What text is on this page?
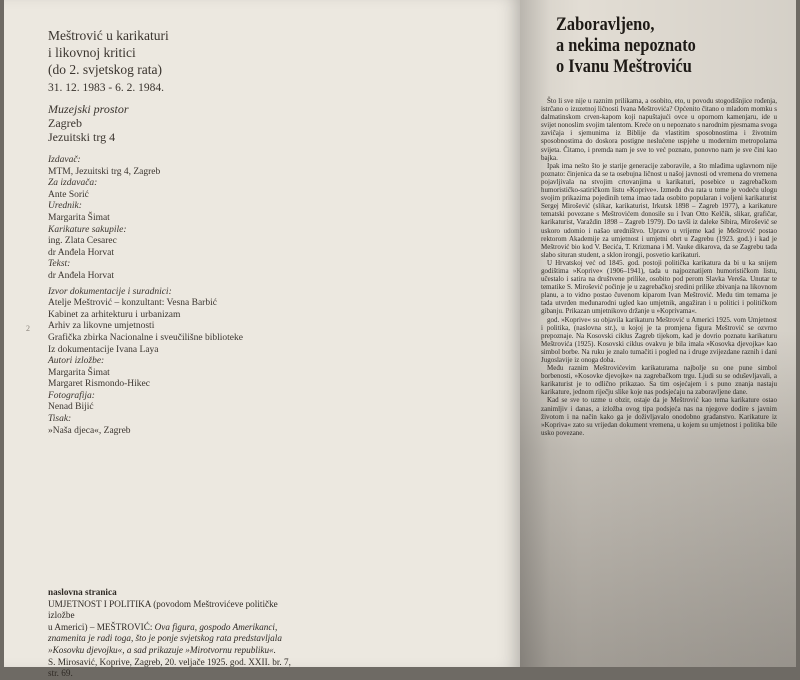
Meštrović u karikaturi
i likovnoj kritici
(do 2. svjetskog rata)
31. 12. 1983 - 6. 2. 1984.
Muzejski prostor
Zagreb
Jezuitski trg 4
Izdavač:
MTM, Jezuitski trg 4, Zagreb
Za izdavača:
Ante Sorić
Urednik:
Margarita Šimat
Karikature sakupile:
ing. Zlata Cesarec
dr Anđela Horvat
Tekst:
dr Anđela Horvat
Izvor dokumentacije i suradnici:
Atelje Meštrović – konzultant: Vesna Barbić
Kabinet za arhitekturu i urbanizam
Arhiv za likovne umjetnosti
Grafička zbirka Nacionalne i sveučilišne biblioteke
Iz dokumentacije Ivana Laya
Autori izložbe:
Margarita Šimat
Margaret Rismondo-Hikec
Fotografija:
Nenad Bijić
Tisak:
»Naša djeca«, Zagreb
2
naslovna stranica
UMJETNOST I POLITIKA (povodom Meštrovićeve političke izložbe
u Americi) – MEŠTROVIĆ: Ova figura, gospodo Amerikanci, znamenita je radi toga, što je ponje svjetskog rata predstavljala »Kosovku djevojku«, a sad prikazuje »Mirotvornu republiku«.
S. Mirosavić, Koprive, Zagreb, 20. veljače 1925. god. XXII. br. 7, str. 69.
Zaboravljeno,
a nekima nepoznato
o Ivanu Meštroviću

Što li sve nije u raznim prilikama, a osobito, eto, u povodu stogodišnjice rođenja, istrčano o izuzetnoj ličnosti Ivana Meštrovića? Općenito čitano o mladom momku s dalmatinskom crven-kapom koji napuštajući ovce u opornom kamenjaru, ide u svijet nonoslim svojim talentom. Kreće on u nepoznato s narodnim pjesmama svoga zavičaja i sjemunima iz Biblije da vlastitim sposobnostima i životnim sposobnostima do doskora postigne neslućene uspjehe u modernim metropolama svijeta. Čitamo, i premda nam je sve to već poznato, ponovno nam je sve čini kao bajka.

Ipak ima nešto što je starije generacije zaboravile, a što mlađima uglavnom nije poznato: činjenica da se ta osebujna ličnost u našoj javnosti od vremena do vremena pojavljivala na stvojim crtovanjima u karikaturi, posebice u zagrebačkom humorističko-satiričkom listu »Koprive«. Između dva rata u tome je vodeću ulogu svojim prikazima pojedinih tema imao tada osobito popularan i voljeni karikaturist Sergej Mirošević (slikar, karikaturist, Irkutsk 1898 – Zagreb 1977), a karikature tematski povezane s Meštrovićem donosile su i Ivan Otto Kelčik, slikar, grafičar, karikaturist, Varaždin 1898 – Zagreb 1979). Do tavši iz daleke Sibira, Mirošević se uskoro udomio i našao uredništvo. Upravo u vrijeme kad je Meštrović postao rektorom Akademije za umjetnost i umjetni obrt u Zagrebu (1923. god.) i kad je Meštrović bio kod V. Becića, T. Krizmana i M. Vauke dikarova, da se Zagrebu tada slabo situran student, a sklon irongji, posvetio karikaturi.

U Hrvatskoj već od 1845. god. postoji politička karikatura da bi u ka snijem godištima »Koprive« (1906–1941), tada u najpoznatijem humorističkom listu, učestalo i satira na društvene prilike, osobito pod perom Slavka Vereša. Unutar te tematike S. Mirošević počinje je u zagrebačkoj sredini prilike zbivanja na likovnom planu, a to vidno postao čuvenom kiparom Ivan Meštrović. Među tim temama je tada utvrđen međunarodni ugled kao umjetnik, angažiran i u politici i političkom gibanju. Prikazan umjetnikovo držanje u »Koprivama«.

god. »Koprive« su objavila karikaturu Meštrović u Americi 1925. vom Umjetnost i politika, (naslovna str.), u kojoj je ta promjena figura Meštrović se ozvrno prepoznaje. Na Kosovski ciklus Zagreb tijekom, kad je dovrio poznatu karikaturu Meštrovića (1925). Kosovski ciklus ovakvu je bila imala »Kosovka djevojka« kao simbol borbe. Na ruku je znalo tumačiti i pogled na i druge zvijezdane raznih i dani Jugoslavije iz onoga doba.

Među raznim Meštrovićevim karikaturama najbolje su one pune simbol borbenosti, »Kosovke djevojke« na zagrebačkom trgu. Ljudi su se oduševljavali, a karikaturist je to odlično prikazao. Sa tim osjećajem i s puno znanja nastaju karikature, jednom riječju slike koje nas podsjećaju na zaboravljene dane.

Kad se sve to uzme u obzir, ostaje da je Meštrović kao tema karikature ostao zanimljiv i danas, a izložba ovog tipa podsjeća nas na njegove dodire s javnim životom i na način kako ga je doživljavalo onodobno građanstvo. Karikature iz »Kopriva« zato su vrijedan dokument vremena, u kojem su umjetnost i politika bile usko povezane.
